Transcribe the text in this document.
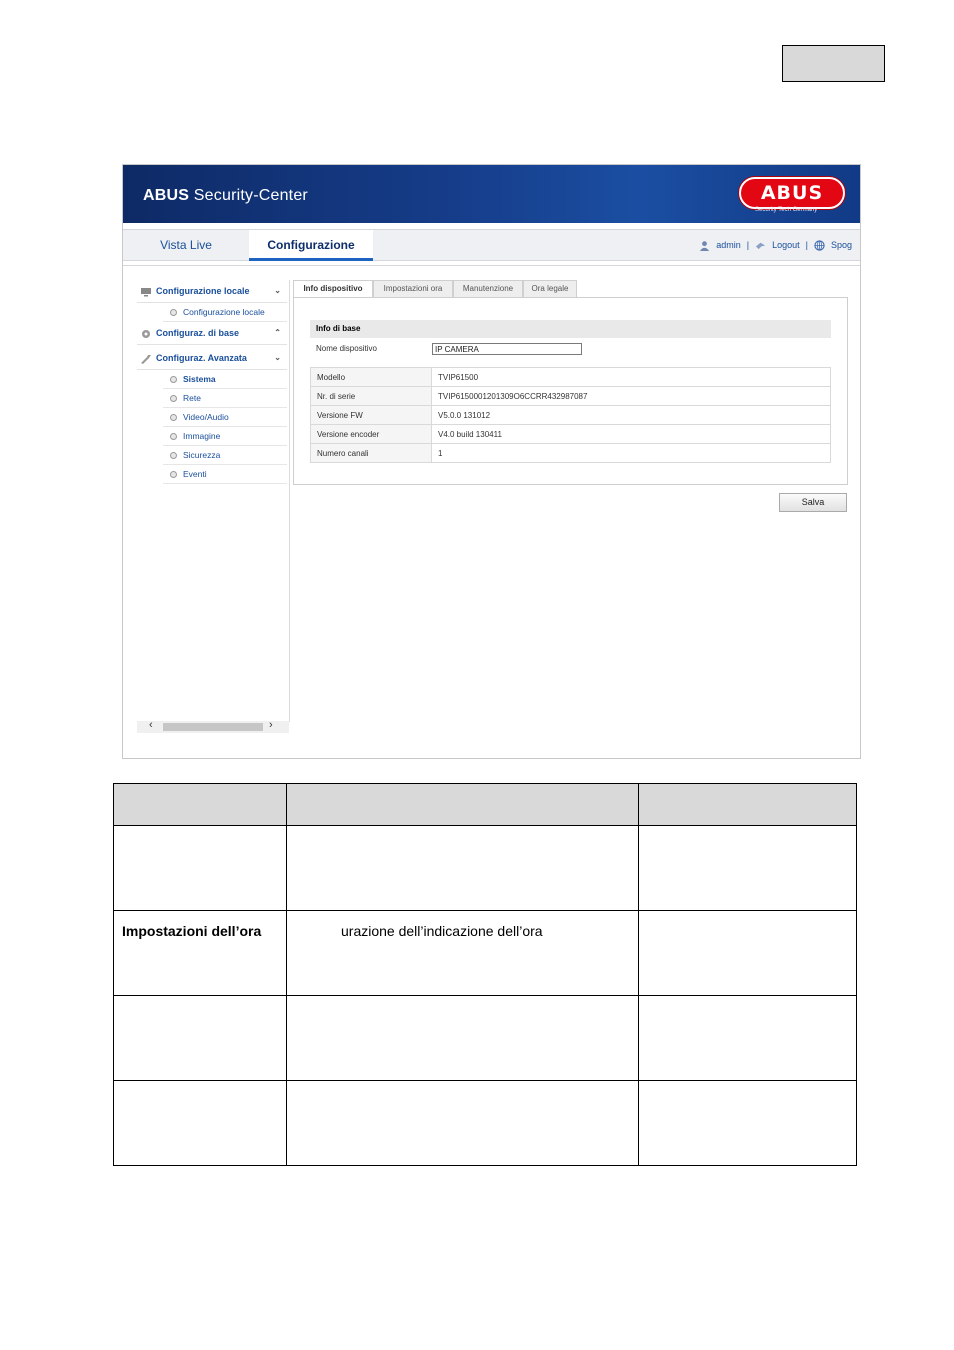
ABUS Security-Center	ABUS
Security Tech Germany
Vista Live	Configurazione	admin |	Logout |	Spog
Configurazione locale	⌄
Configurazione locale
Configuraz. di base	⌃
Configuraz. Avanzata	⌄
Sistema
Rete
Video/Audio
Immagine
Sicurezza
Eventi
‹	›
Info dispositivo	Impostazioni ora	Manutenzione	Ora legale
Info di base
Nome dispositivo	IP CAMERA
Modello	TVIP61500
Nr. di serie	TVIP6150001201309O6CCRR432987087
Versione FW	V5.0.0 131012
Versione encoder	V4.0 build 130411
Numero canali	1
Salva

Impostazioni dell’ora	urazione dell’indicazione dell’ora	
